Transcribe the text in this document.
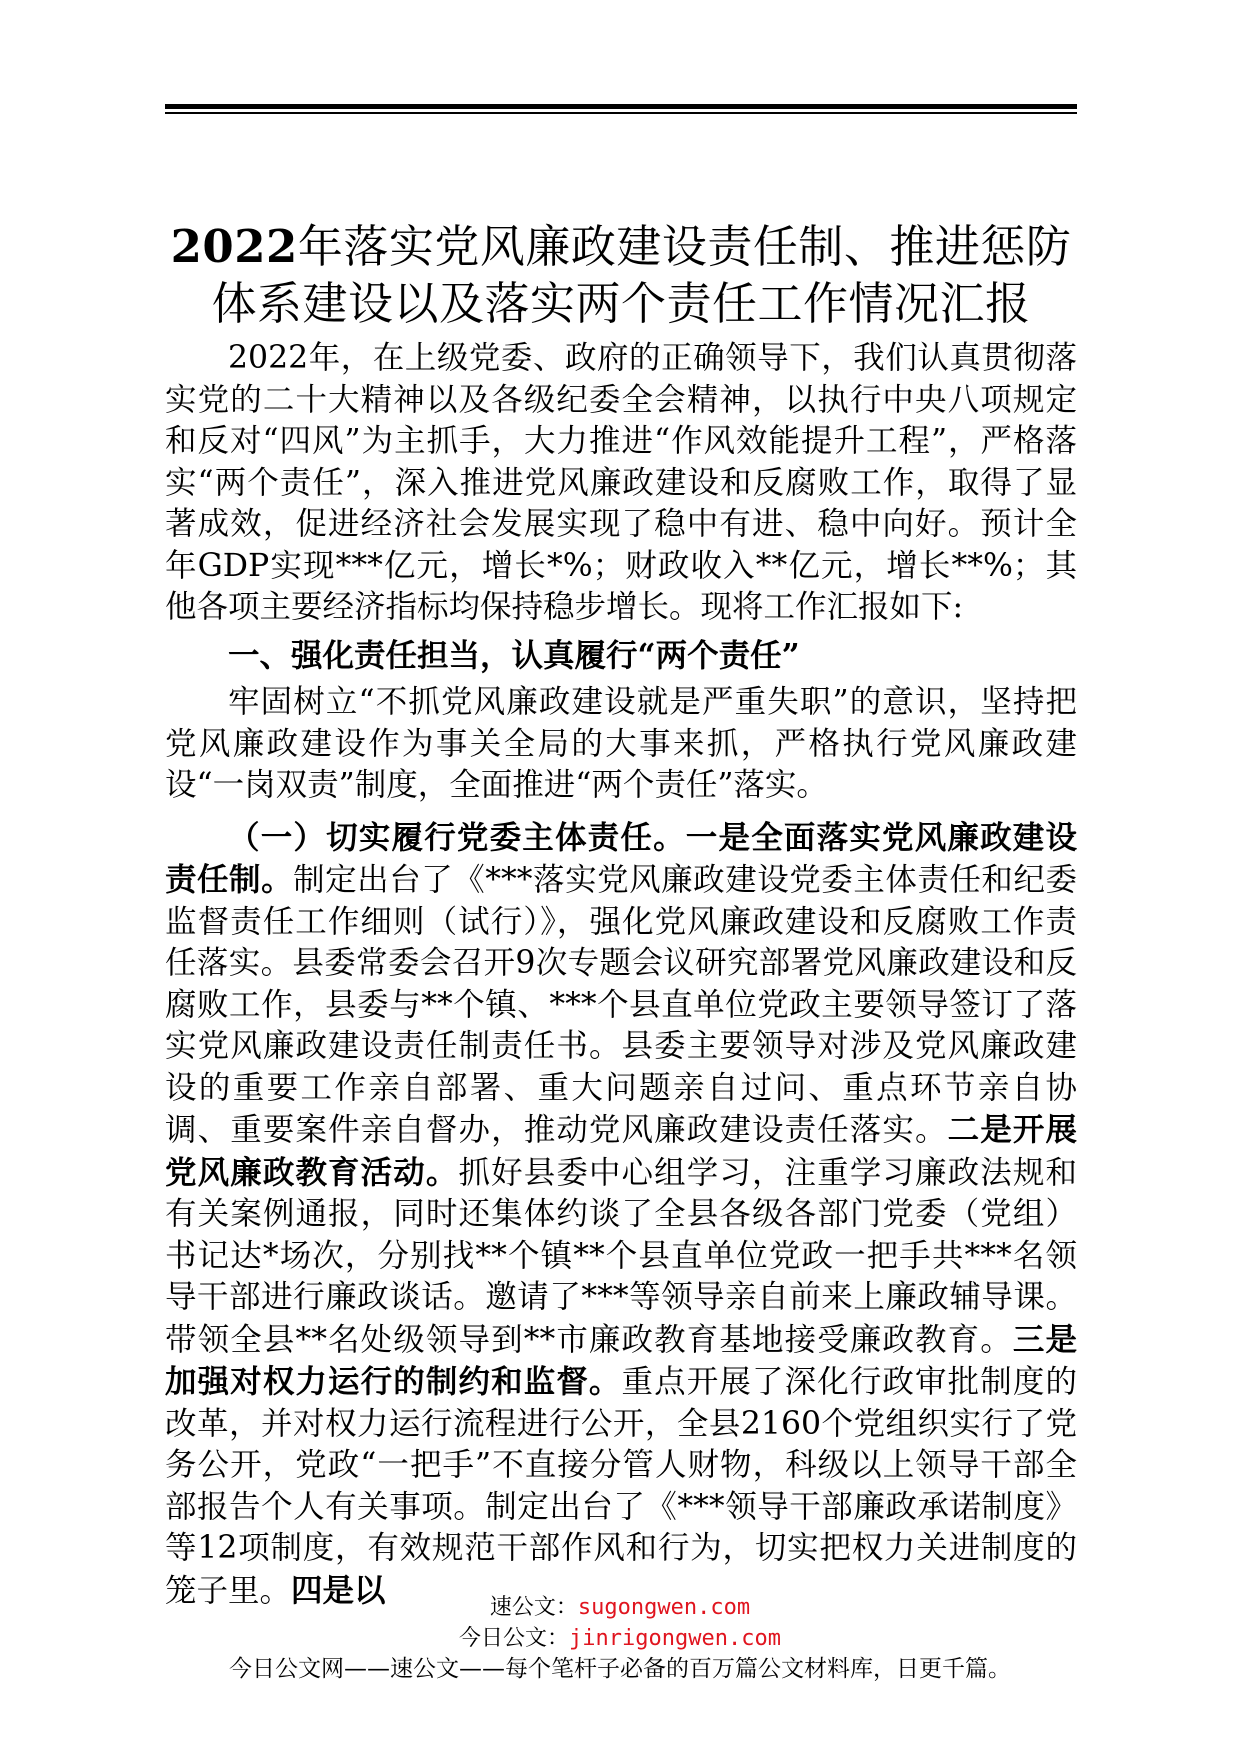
2022年落实党风廉政建设责任制、推进惩防
体系建设以及落实两个责任工作情况汇报

2022年，在上级党委、政府的正确领导下，我们认真贯彻落实党的二十大精神以及各级纪委全会精神，以执行中央八项规定和反对“四风”为主抓手，大力推进“作风效能提升工程”，严格落实“两个责任”，深入推进党风廉政建设和反腐败工作，取得了显著成效，促进经济社会发展实现了稳中有进、稳中向好。预计全年GDP实现***亿元，增长*%；财政收入**亿元，增长**%；其他各项主要经济指标均保持稳步增长。现将工作汇报如下:

一、强化责任担当，认真履行“两个责任”

牢固树立“不抓党风廉政建设就是严重失职”的意识，坚持把党风廉政建设作为事关全局的大事来抓，严格执行党风廉政建设“一岗双责”制度，全面推进“两个责任”落实。

（一）切实履行党委主体责任。一是全面落实党风廉政建设责任制。制定出台了《***落实党风廉政建设党委主体责任和纪委监督责任工作细则（试行）》，强化党风廉政建设和反腐败工作责任落实。县委常委会召开9次专题会议研究部署党风廉政建设和反腐败工作，县委与**个镇、***个县直单位党政主要领导签订了落实党风廉政建设责任制责任书。县委主要领导对涉及党风廉政建设的重要工作亲自部署、重大问题亲自过问、重点环节亲自协调、重要案件亲自督办，推动党风廉政建设责任落实。二是开展党风廉政教育活动。抓好县委中心组学习，注重学习廉政法规和有关案例通报，同时还集体约谈了全县各级各部门党委（党组）书记达*场次，分别找**个镇**个县直单位党政一把手共***名领导干部进行廉政谈话。邀请了***等领导亲自前来上廉政辅导课。带领全县**名处级领导到**市廉政教育基地接受廉政教育。三是加强对权力运行的制约和监督。重点开展了深化行政审批制度的改革，并对权力运行流程进行公开，全县2160个党组织实行了党务公开，党政“一把手”不直接分管人财物，科级以上领导干部全部报告个人有关事项。制定出台了《***领导干部廉政承诺制度》等12项制度，有效规范干部作风和行为，切实把权力关进制度的笼子里。四是以	速公文：sugongwen.com
今日公文：jinrigongwen.com
今日公文网——速公文——每个笔杆子必备的百万篇公文材料库，日更千篇。
